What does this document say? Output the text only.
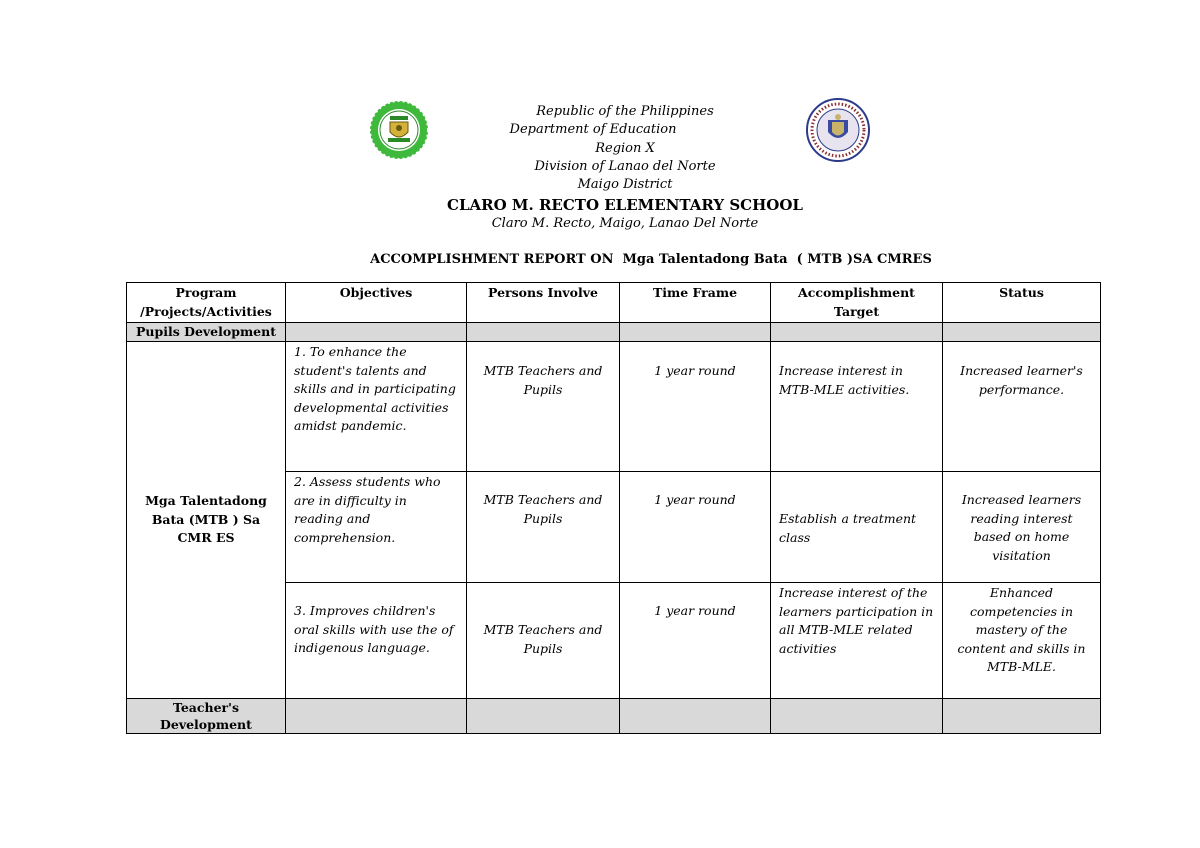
Republic of the Philippines
Department of Education
Region X
Division of Lanao del Norte
Maigo District
CLARO M. RECTO ELEMENTARY SCHOOL
Claro M. Recto, Maigo, Lanao Del Norte
ACCOMPLISHMENT REPORT ON  Mga Talentadong Bata  ( MTB )SA CMRES
Program /Projects/Activities	Objectives	Persons Involve	Time Frame	Accomplishment Target	Status
Pupils Development					
Mga Talentadong Bata (MTB ) Sa CMR ES	1. To enhance the student's talents and skills and in participating developmental activities amidst pandemic.	MTB Teachers and Pupils	1 year round	Increase interest in MTB-MLE activities.	Increased learner's performance.
	2. Assess students who are in difficulty in reading and comprehension.	MTB Teachers and Pupils	1 year round	Establish a treatment class	Increased learners reading interest based on home visitation
	3. Improves children's oral skills with use the of indigenous language.	MTB Teachers and Pupils	1 year round	Increase interest of the learners participation in all MTB-MLE related activities	Enhanced competencies in mastery of the content and skills in MTB-MLE.
Teacher's Development					
